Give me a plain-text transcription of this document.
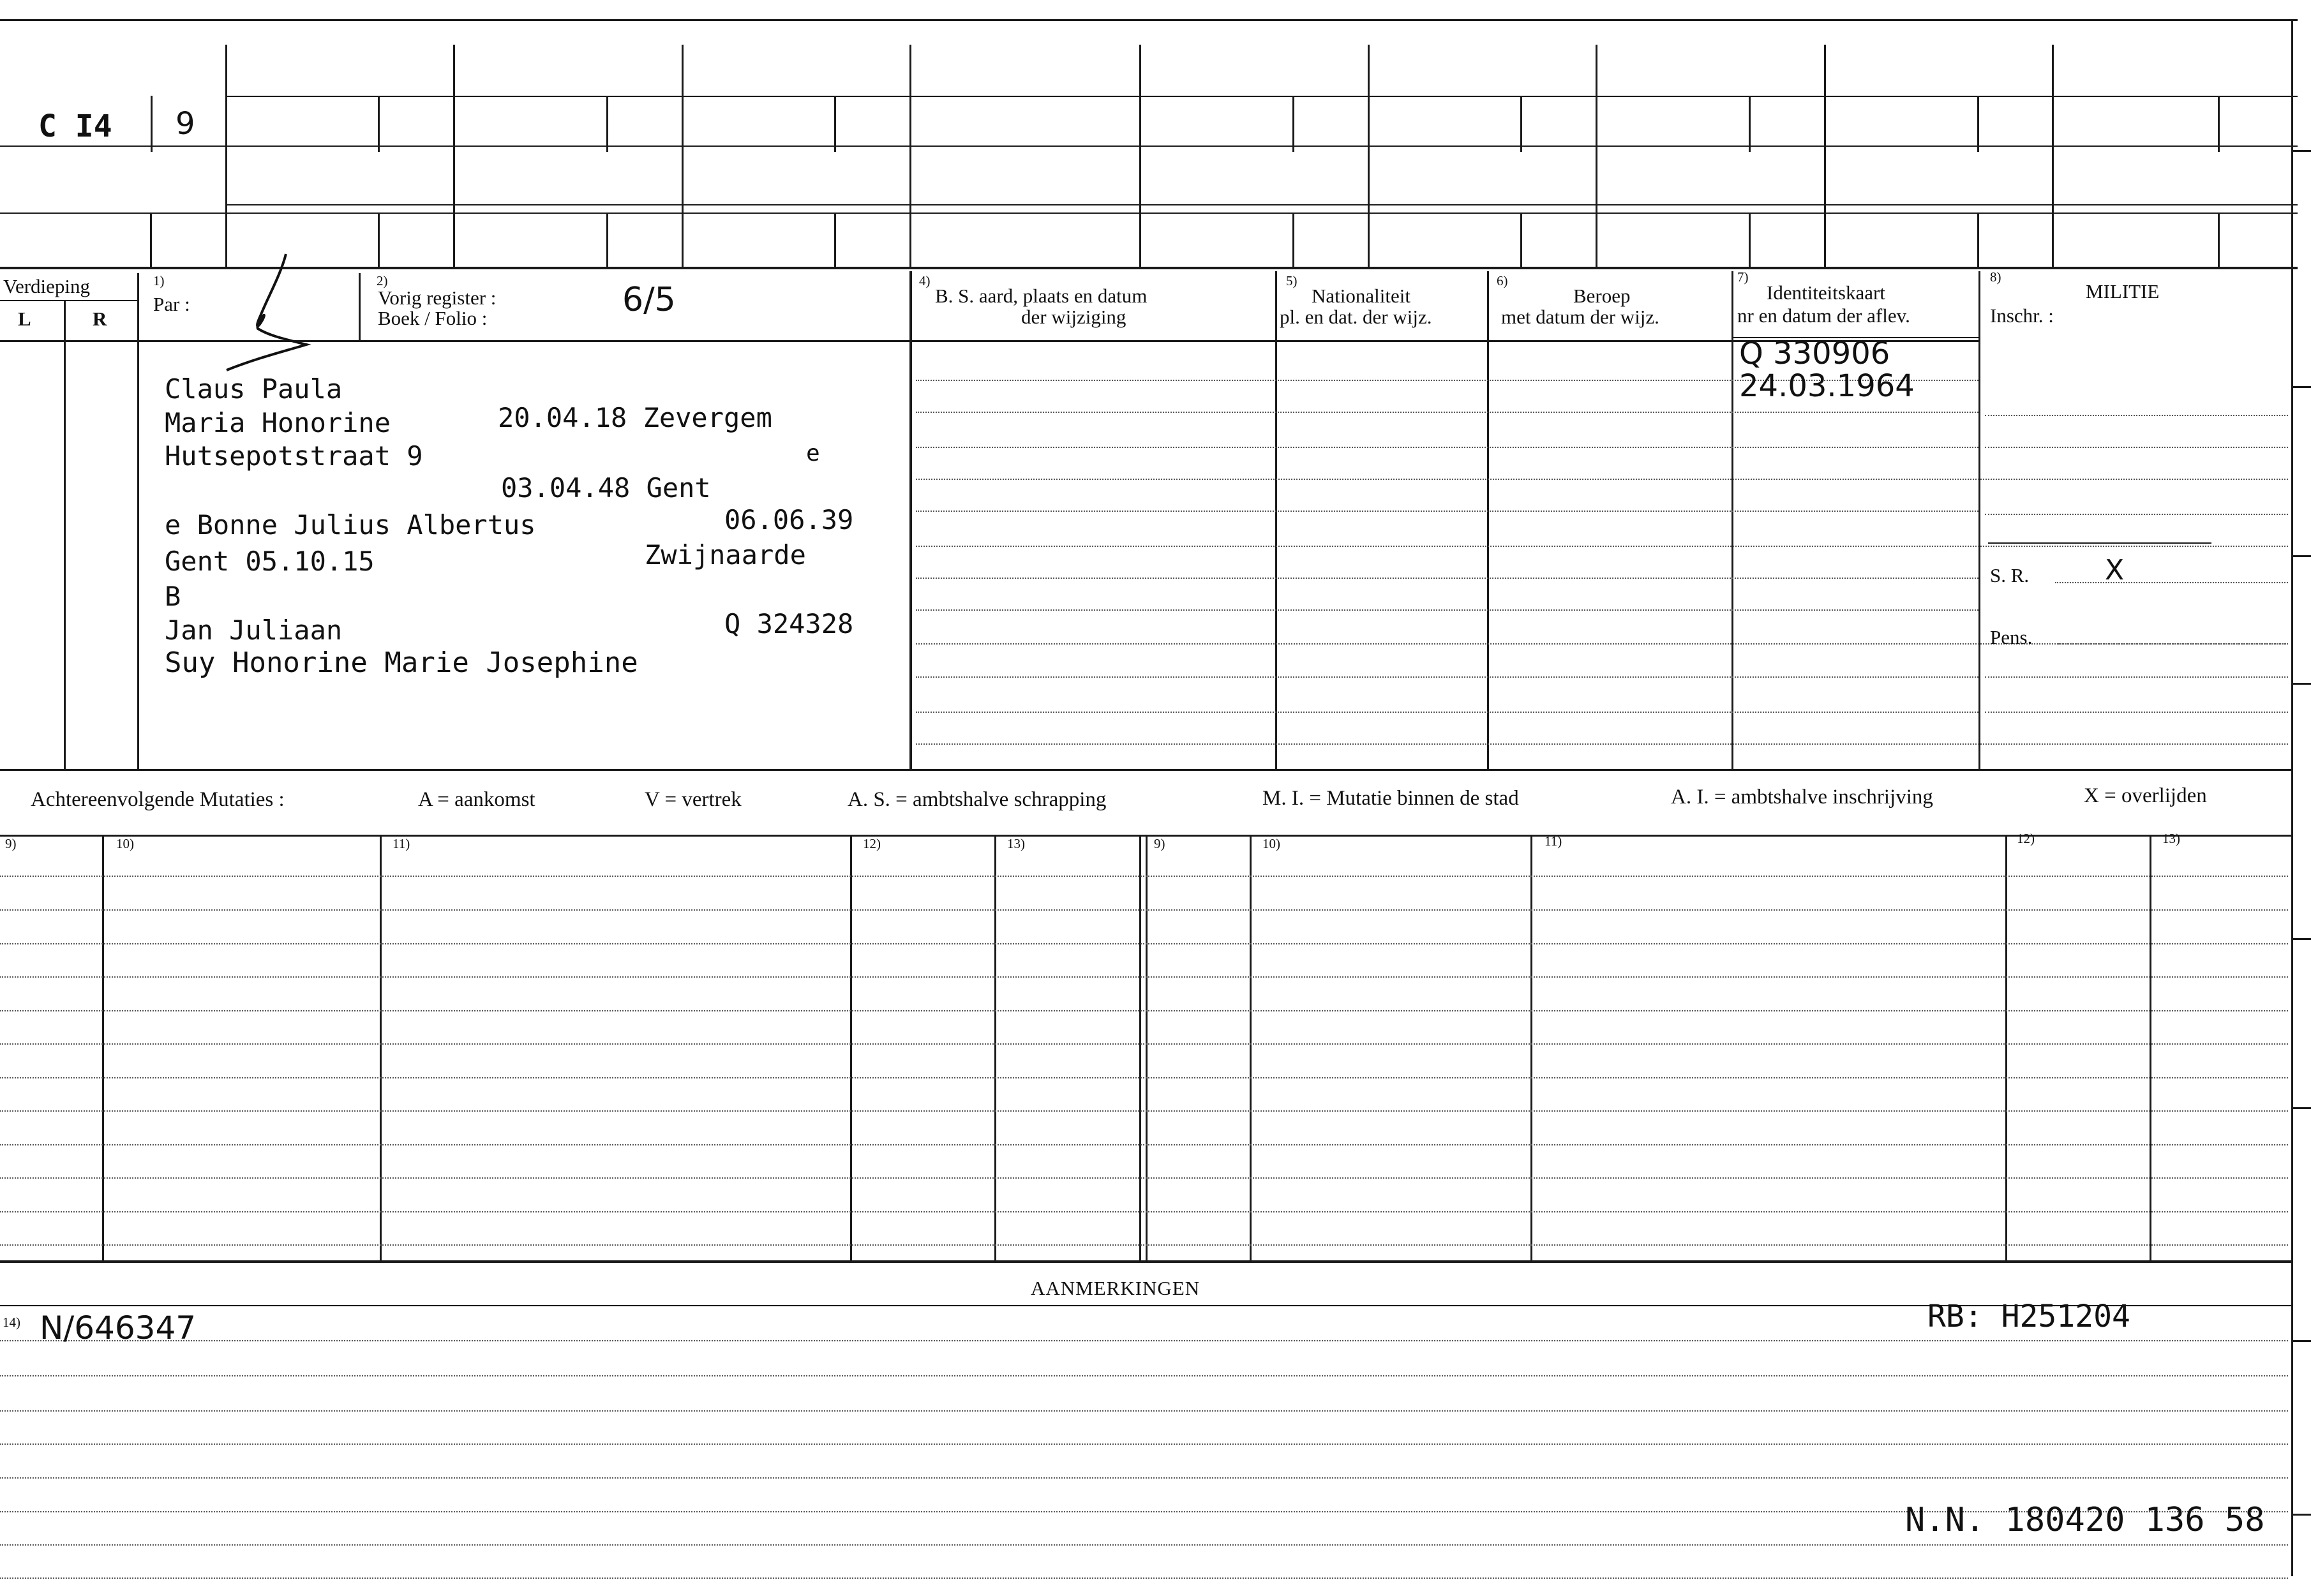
C I4 9
Verdieping
L	R
1)
Par :
2)
Vorig register :
Boek / Folio :	6/5	4)
B. S. aard, plaats en datum
der wijziging
5)
Nationaliteit
pl. en dat. der wijz.
6)
Beroep
met datum der wijz.
7)
Identiteitskaart
nr en datum der aflev.
8)
MILITIE
Inschr. :
Claus Paula
Maria Honorine	20.04.18 Zevergem
Hutsepotstraat 9	e
03.04.48 Gent
e Bonne Julius Albertus	06.06.39
Gent 05.10.15	Zwijnaarde
B
Jan Juliaan	Q 324328
Suy Honorine Marie Josephine
Q 330906
24.03.1964
S. R.	X
Pens.
Achtereenvolgende Mutaties :	A = aankomst	V = vertrek	A. S. = ambtshalve schrapping	M. I. = Mutatie binnen de stad	A. I. = ambtshalve inschrijving	X = overlijden
9)	10)	11)	12)	13)	9)	10)	11)	12)	13)
AANMERKINGEN
14) N/646347	RB: H251204
N.N. 180420 136 58
